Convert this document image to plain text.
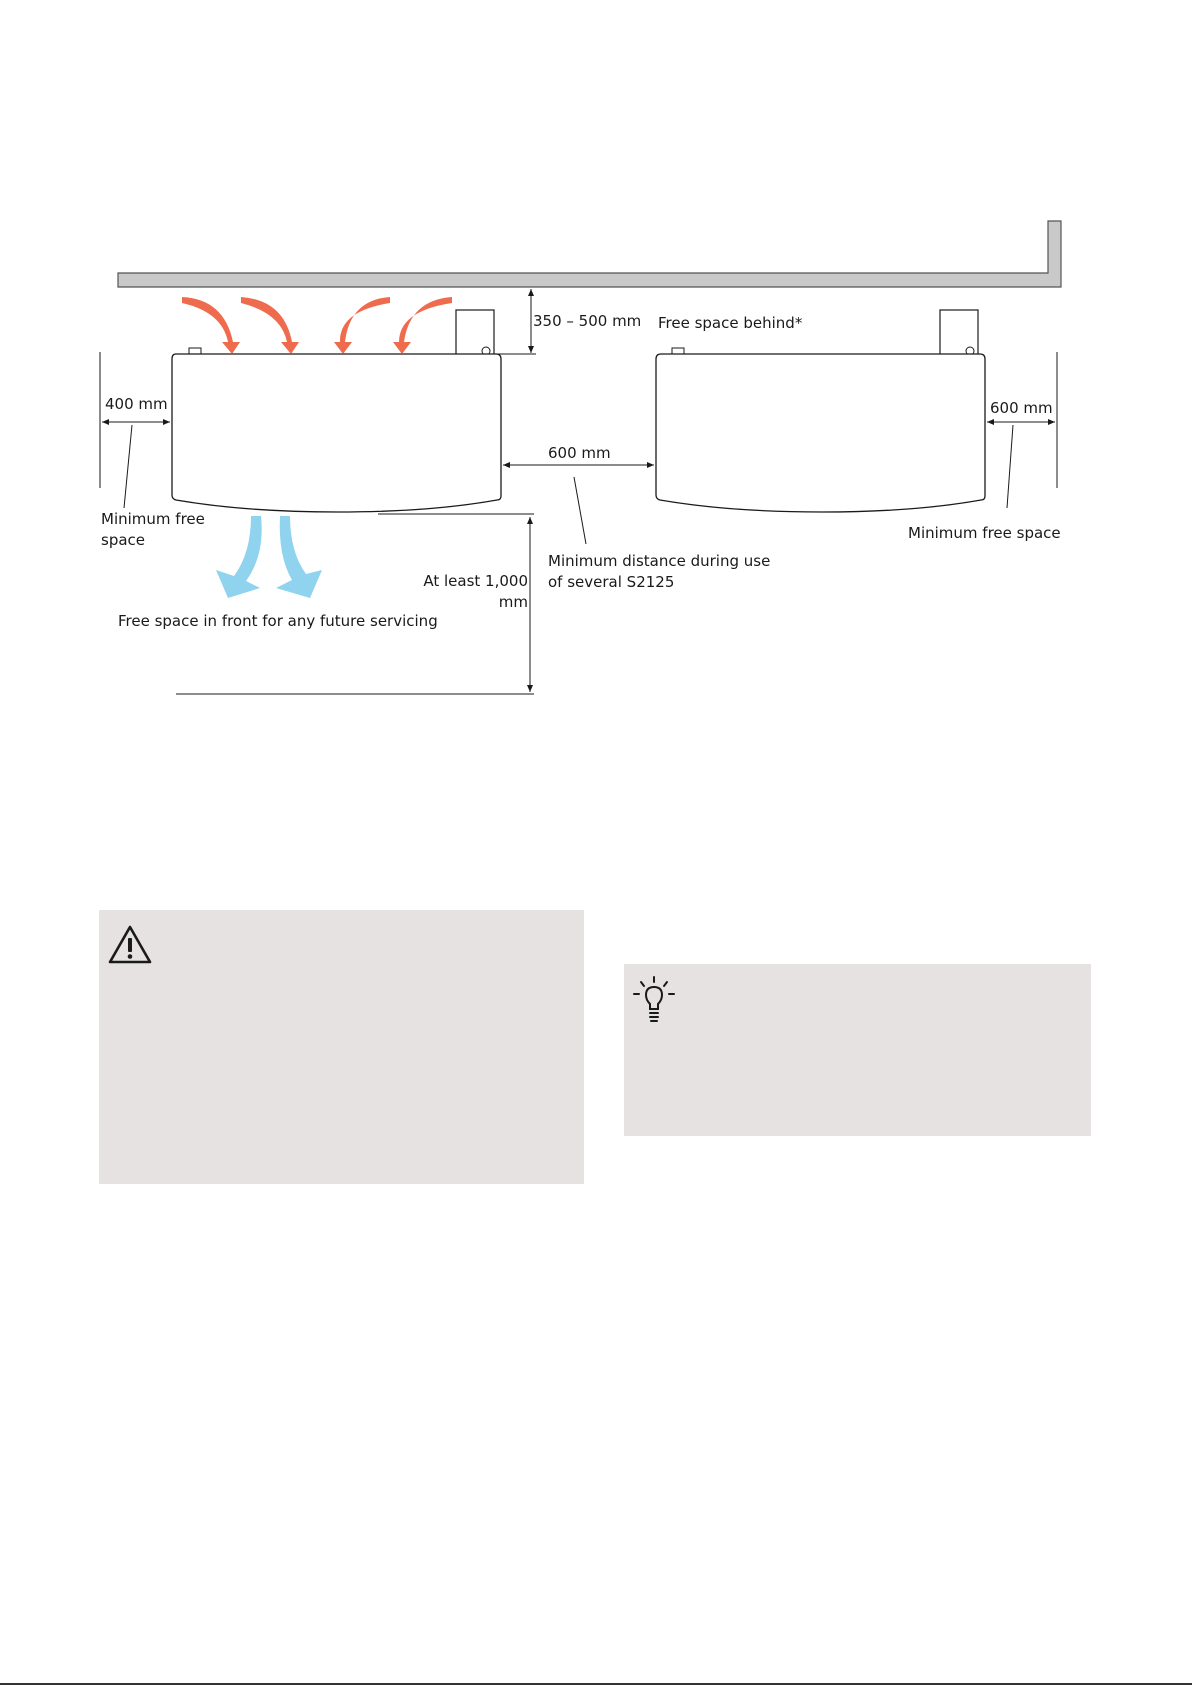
350 – 500 mm Free space behind*
400 mm	600 mm
600 mm
Minimum free
space	Minimum free space
Minimum distance during use
of several S2125
At least 1,000
mm
Free space in front for any future servicing
